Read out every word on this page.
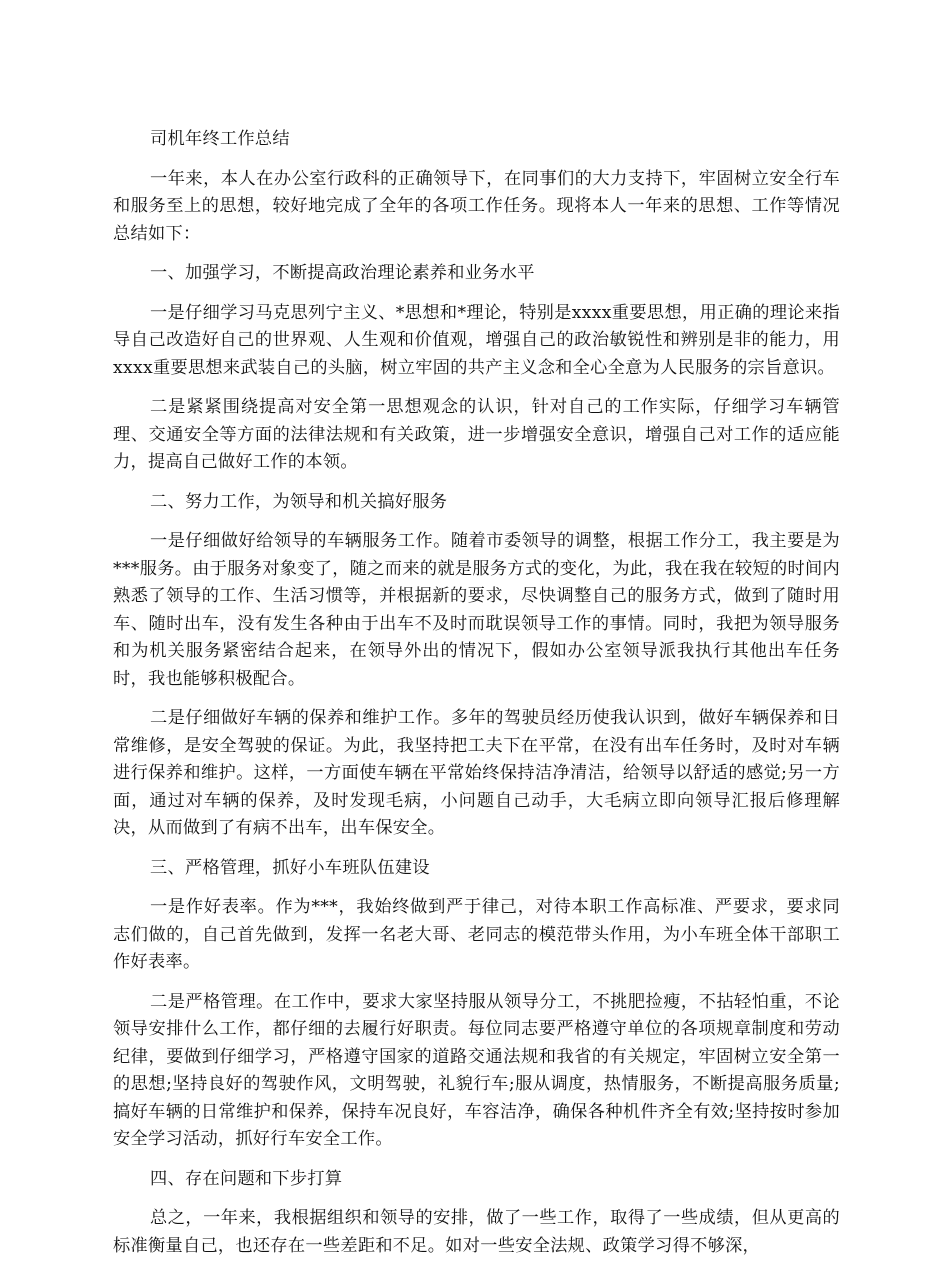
司机年终工作总结

一年来，本人在办公室行政科的正确领导下，在同事们的大力支持下，牢固树立安全行车和服务至上的思想，较好地完成了全年的各项工作任务。现将本人一年来的思想、工作等情况总结如下：

一、加强学习，不断提高政治理论素养和业务水平

一是仔细学习马克思列宁主义、*思想和*理论，特别是xxxx重要思想，用正确的理论来指导自己改造好自己的世界观、人生观和价值观，增强自己的政治敏锐性和辨别是非的能力，用xxxx重要思想来武装自己的头脑，树立牢固的共产主义念和全心全意为人民服务的宗旨意识。

二是紧紧围绕提高对安全第一思想观念的认识，针对自己的工作实际，仔细学习车辆管理、交通安全等方面的法律法规和有关政策，进一步增强安全意识，增强自己对工作的适应能力，提高自己做好工作的本领。

二、努力工作，为领导和机关搞好服务

一是仔细做好给领导的车辆服务工作。随着市委领导的调整，根据工作分工，我主要是为***服务。由于服务对象变了，随之而来的就是服务方式的变化，为此，我在我在较短的时间内熟悉了领导的工作、生活习惯等，并根据新的要求，尽快调整自己的服务方式，做到了随时用车、随时出车，没有发生各种由于出车不及时而耽误领导工作的事情。同时，我把为领导服务和为机关服务紧密结合起来，在领导外出的情况下，假如办公室领导派我执行其他出车任务时，我也能够积极配合。

二是仔细做好车辆的保养和维护工作。多年的驾驶员经历使我认识到，做好车辆保养和日常维修，是安全驾驶的保证。为此，我坚持把工夫下在平常，在没有出车任务时，及时对车辆进行保养和维护。这样，一方面使车辆在平常始终保持洁净清洁，给领导以舒适的感觉;另一方面，通过对车辆的保养，及时发现毛病，小问题自己动手，大毛病立即向领导汇报后修理解决，从而做到了有病不出车，出车保安全。

三、严格管理，抓好小车班队伍建设

一是作好表率。作为***，我始终做到严于律己，对待本职工作高标准、严要求，要求同志们做的，自己首先做到，发挥一名老大哥、老同志的模范带头作用，为小车班全体干部职工作好表率。

二是严格管理。在工作中，要求大家坚持服从领导分工，不挑肥捡瘦，不拈轻怕重，不论领导安排什么工作，都仔细的去履行好职责。每位同志要严格遵守单位的各项规章制度和劳动纪律，要做到仔细学习，严格遵守国家的道路交通法规和我省的有关规定，牢固树立安全第一的思想;坚持良好的驾驶作风，文明驾驶，礼貌行车;服从调度，热情服务，不断提高服务质量;搞好车辆的日常维护和保养，保持车况良好，车容洁净，确保各种机件齐全有效;坚持按时参加安全学习活动，抓好行车安全工作。

四、存在问题和下步打算

总之，一年来，我根据组织和领导的安排，做了一些工作，取得了一些成绩，但从更高的标准衡量自己，也还存在一些差距和不足。如对一些安全法规、政策学习得不够深，
